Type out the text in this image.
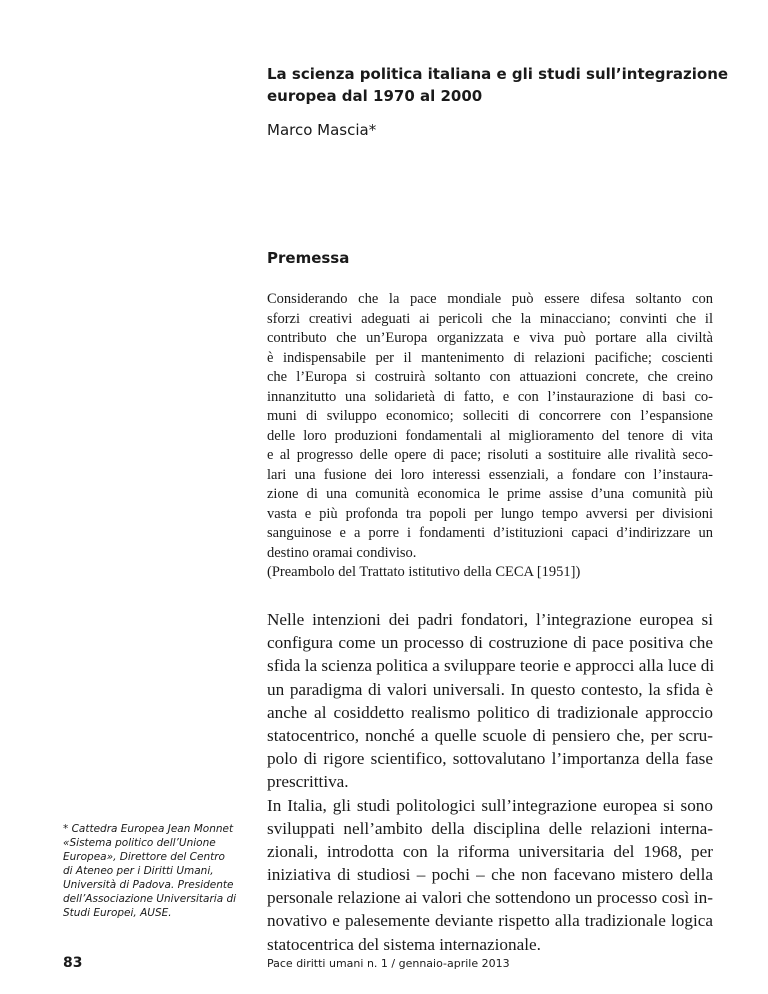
La scienza politica italiana e gli studi sull’integrazione europea dal 1970 al 2000

Marco Mascia*

Premessa
Considerando che la pace mondiale può essere difesa soltanto con
sforzi creativi adeguati ai pericoli che la minacciano; convinti che il
contributo che un’Europa organizzata e viva può portare alla civiltà
è indispensabile per il mantenimento di relazioni pacifiche; coscienti
che l’Europa si costruirà soltanto con attuazioni concrete, che creino
innanzitutto una solidarietà di fatto, e con l’instaurazione di basi co-
muni di sviluppo economico; solleciti di concorrere con l’espansione
delle loro produzioni fondamentali al miglioramento del tenore di vita
e al progresso delle opere di pace; risoluti a sostituire alle rivalità seco-
lari una fusione dei loro interessi essenziali, a fondare con l’instaura-
zione di una comunità economica le prime assise d’una comunità più
vasta e più profonda tra popoli per lungo tempo avversi per divisioni
sanguinose e a porre i fondamenti d’istituzioni capaci d’indirizzare un
destino oramai condiviso.
(Preambolo del Trattato istitutivo della CECA [1951])
Nelle intenzioni dei padri fondatori, l’integrazione europea si
configura come un processo di costruzione di pace positiva che
sfida la scienza politica a sviluppare teorie e approcci alla luce di
un paradigma di valori universali. In questo contesto, la sfida è
anche al cosiddetto realismo politico di tradizionale approccio
statocentrico, nonché a quelle scuole di pensiero che, per scru-
polo di rigore scientifico, sottovalutano l’importanza della fase
prescrittiva.
In Italia, gli studi politologici sull’integrazione europea si sono
sviluppati nell’ambito della disciplina delle relazioni interna-
zionali, introdotta con la riforma universitaria del 1968, per
iniziativa di studiosi – pochi – che non facevano mistero della
personale relazione ai valori che sottendono un processo così in-
novativo e palesemente deviante rispetto alla tradizionale logica
statocentrica del sistema internazionale.
* Cattedra Europea Jean Monnet
«Sistema politico dell’Unione
Europea», Direttore del Centro
di Ateneo per i Diritti Umani,
Università di Padova. Presidente
dell’Associazione Universitaria di
Studi Europei, AUSE.

83	Pace diritti umani n. 1 / gennaio-aprile 2013
